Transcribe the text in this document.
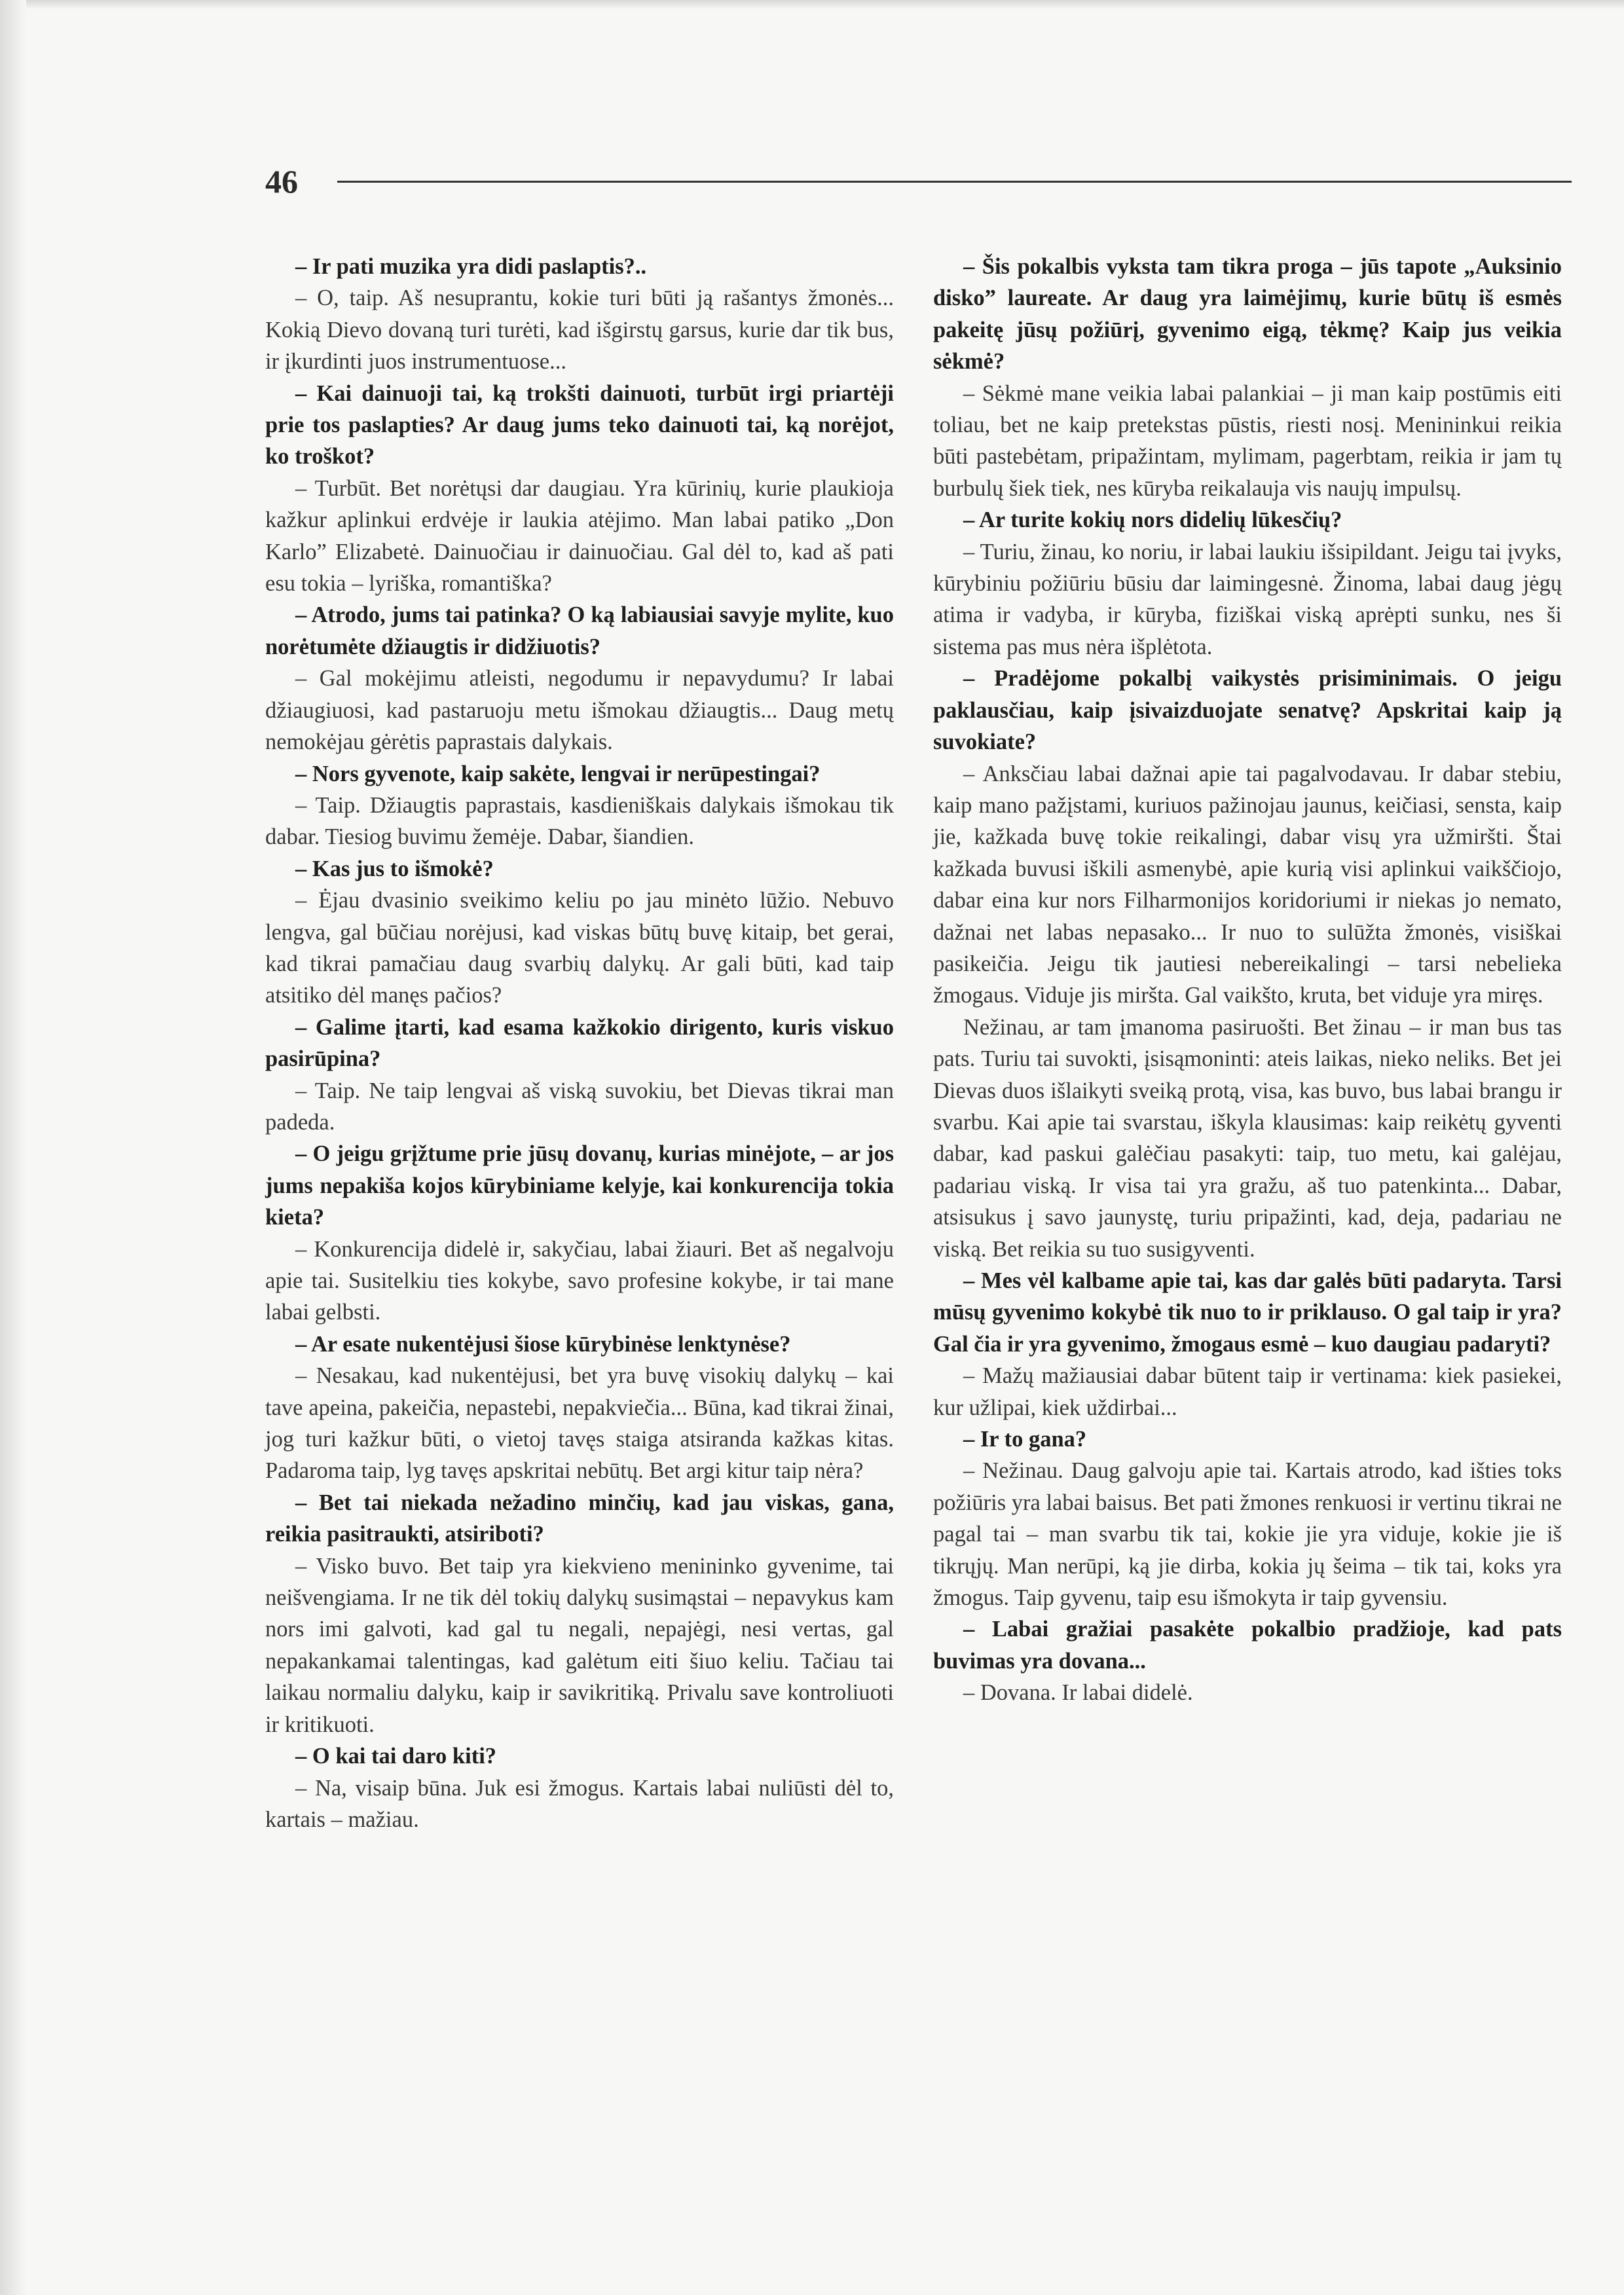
46

– Ir pati muzika yra didi paslaptis?..

– O, taip. Aš nesuprantu, kokie turi būti ją rašantys žmonės... Kokią Dievo dovaną turi turėti, kad išgirstų garsus, kurie dar tik bus, ir įkurdinti juos instrumentuose...

– Kai dainuoji tai, ką trokšti dainuoti, turbūt irgi priartėji prie tos paslapties? Ar daug jums teko dainuoti tai, ką norėjot, ko troškot?

– Turbūt. Bet norėtųsi dar daugiau. Yra kūrinių, kurie plaukioja kažkur aplinkui erdvėje ir laukia atėjimo. Man labai patiko „Don Karlo” Elizabetė. Dainuočiau ir dainuočiau. Gal dėl to, kad aš pati esu tokia – lyriška, romantiška?

– Atrodo, jums tai patinka? O ką labiausiai savyje mylite, kuo norėtumėte džiaugtis ir didžiuotis?

– Gal mokėjimu atleisti, negodumu ir nepavydumu? Ir labai džiaugiuosi, kad pastaruoju metu išmokau džiaugtis... Daug metų nemokėjau gėrėtis paprastais dalykais.

– Nors gyvenote, kaip sakėte, lengvai ir nerūpestingai?

– Taip. Džiaugtis paprastais, kasdieniškais dalykais išmokau tik dabar. Tiesiog buvimu žemėje. Dabar, šiandien.

– Kas jus to išmokė?

– Ėjau dvasinio sveikimo keliu po jau minėto lūžio. Nebuvo lengva, gal būčiau norėjusi, kad viskas būtų buvę kitaip, bet gerai, kad tikrai pamačiau daug svarbių dalykų. Ar gali būti, kad taip atsitiko dėl manęs pačios?

– Galime įtarti, kad esama kažkokio dirigento, kuris viskuo pasirūpina?

– Taip. Ne taip lengvai aš viską suvokiu, bet Dievas tikrai man padeda.

– O jeigu grįžtume prie jūsų dovanų, kurias minėjote, – ar jos jums nepakiša kojos kūrybiniame kelyje, kai konkurencija tokia kieta?

– Konkurencija didelė ir, sakyčiau, labai žiauri. Bet aš negalvoju apie tai. Susitelkiu ties kokybe, savo profesine kokybe, ir tai mane labai gelbsti.

– Ar esate nukentėjusi šiose kūrybinėse lenktynėse?

– Nesakau, kad nukentėjusi, bet yra buvę visokių dalykų – kai tave apeina, pakeičia, nepastebi, nepakviečia... Būna, kad tikrai žinai, jog turi kažkur būti, o vietoj tavęs staiga atsiranda kažkas kitas. Padaroma taip, lyg tavęs apskritai nebūtų. Bet argi kitur taip nėra?

– Bet tai niekada nežadino minčių, kad jau viskas, gana, reikia pasitraukti, atsiriboti?

– Visko buvo. Bet taip yra kiekvieno menininko gyvenime, tai neišvengiama. Ir ne tik dėl tokių dalykų susimąstai – nepavykus kam nors imi galvoti, kad gal tu negali, nepajėgi, nesi vertas, gal nepakankamai talentingas, kad galėtum eiti šiuo keliu. Tačiau tai laikau normaliu dalyku, kaip ir savikritiką. Privalu save kontroliuoti ir kritikuoti.

– O kai tai daro kiti?

– Na, visaip būna. Juk esi žmogus. Kartais labai nuliūsti dėl to, kartais – mažiau.

– Šis pokalbis vyksta tam tikra proga – jūs tapote „Auksinio disko” laureate. Ar daug yra laimėjimų, kurie būtų iš esmės pakeitę jūsų požiūrį, gyvenimo eigą, tėkmę? Kaip jus veikia sėkmė?

– Sėkmė mane veikia labai palankiai – ji man kaip postūmis eiti toliau, bet ne kaip pretekstas pūstis, riesti nosį. Menininkui reikia būti pastebėtam, pripažintam, mylimam, pagerbtam, reikia ir jam tų burbulų šiek tiek, nes kūryba reikalauja vis naujų impulsų.

– Ar turite kokių nors didelių lūkesčių?

– Turiu, žinau, ko noriu, ir labai laukiu išsipildant. Jeigu tai įvyks, kūrybiniu požiūriu būsiu dar laimingesnė. Žinoma, labai daug jėgų atima ir vadyba, ir kūryba, fiziškai viską aprėpti sunku, nes ši sistema pas mus nėra išplėtota.

– Pradėjome pokalbį vaikystės prisiminimais. O jeigu paklausčiau, kaip įsivaizduojate senatvę? Apskritai kaip ją suvokiate?

– Anksčiau labai dažnai apie tai pagalvodavau. Ir dabar stebiu, kaip mano pažįstami, kuriuos pažinojau jaunus, keičiasi, sensta, kaip jie, kažkada buvę tokie reikalingi, dabar visų yra užmiršti. Štai kažkada buvusi iškili asmenybė, apie kurią visi aplinkui vaikščiojo, dabar eina kur nors Filharmonijos koridoriumi ir niekas jo nemato, dažnai net labas nepasako... Ir nuo to sulūžta žmonės, visiškai pasikeičia. Jeigu tik jautiesi nebereikalingi – tarsi nebelieka žmogaus. Viduje jis miršta. Gal vaikšto, kruta, bet viduje yra miręs.

Nežinau, ar tam įmanoma pasiruošti. Bet žinau – ir man bus tas pats. Turiu tai suvokti, įsisąmoninti: ateis laikas, nieko neliks. Bet jei Dievas duos išlaikyti sveiką protą, visa, kas buvo, bus labai brangu ir svarbu. Kai apie tai svarstau, iškyla klausimas: kaip reikėtų gyventi dabar, kad paskui galėčiau pasakyti: taip, tuo metu, kai galėjau, padariau viską. Ir visa tai yra gražu, aš tuo patenkinta... Dabar, atsisukus į savo jaunystę, turiu pripažinti, kad, deja, padariau ne viską. Bet reikia su tuo susigyventi.

– Mes vėl kalbame apie tai, kas dar galės būti padaryta. Tarsi mūsų gyvenimo kokybė tik nuo to ir priklauso. O gal taip ir yra? Gal čia ir yra gyvenimo, žmogaus esmė – kuo daugiau padaryti?

– Mažų mažiausiai dabar būtent taip ir vertinama: kiek pasiekei, kur užlipai, kiek uždirbai...

– Ir to gana?

– Nežinau. Daug galvoju apie tai. Kartais atrodo, kad išties toks požiūris yra labai baisus. Bet pati žmones renkuosi ir vertinu tikrai ne pagal tai – man svarbu tik tai, kokie jie yra viduje, kokie jie iš tikrųjų. Man nerūpi, ką jie dirba, kokia jų šeima – tik tai, koks yra žmogus. Taip gyvenu, taip esu išmokyta ir taip gyvensiu.

– Labai gražiai pasakėte pokalbio pradžioje, kad pats buvimas yra dovana...

– Dovana. Ir labai didelė.
